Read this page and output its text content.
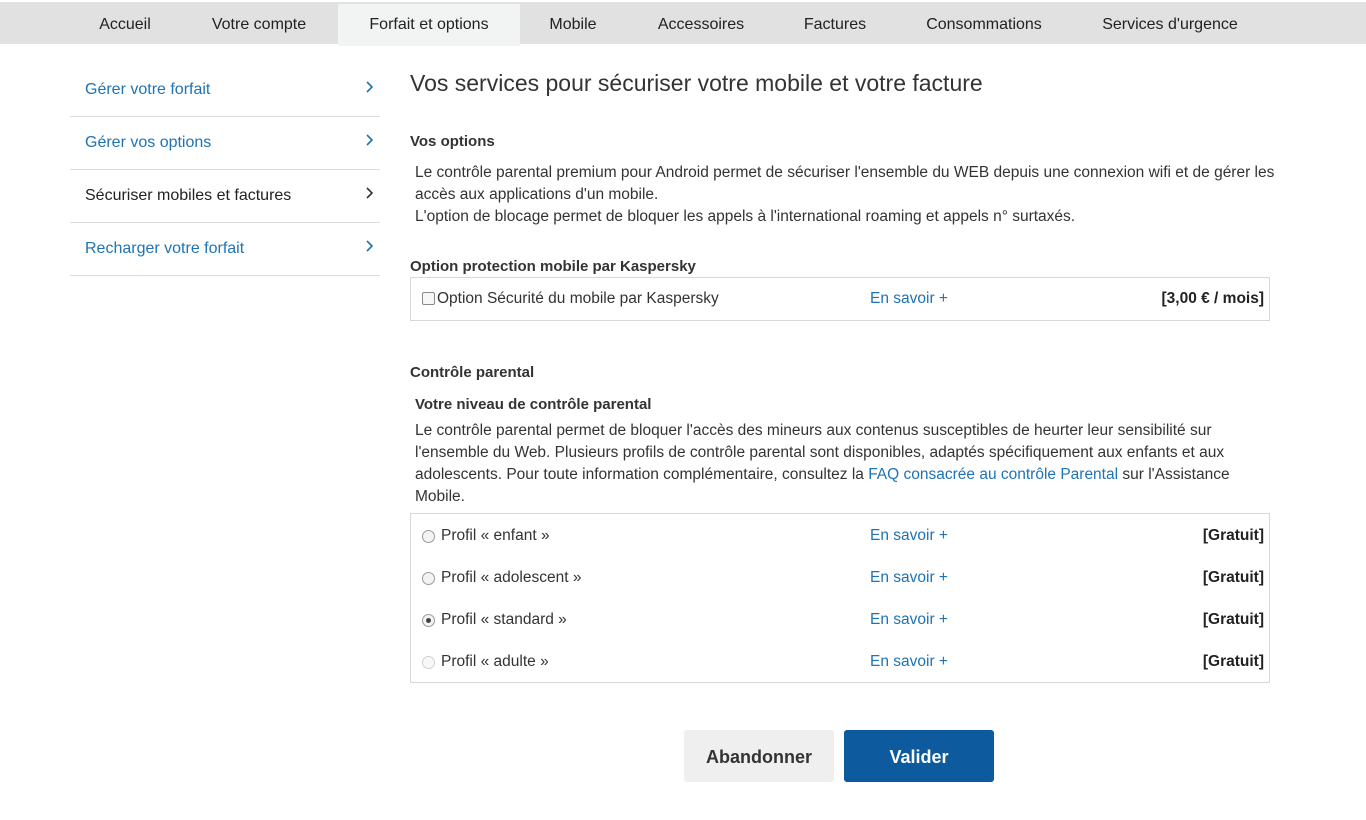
Accueil	Votre compte	Forfait et options	Mobile	Accessoires	Factures	Consommations	Services d'urgence
Gérer votre forfait
Gérer vos options
Sécuriser mobiles et factures
Recharger votre forfait
Vos services pour sécuriser votre mobile et votre facture
Vos options

Le contrôle parental premium pour Android permet de sécuriser l'ensemble du WEB depuis une connexion wifi et de gérer les accès aux applications d'un mobile.

L'option de blocage permet de bloquer les appels à l'international roaming et appels n° surtaxés.

Option protection mobile par Kaspersky
Option Sécurité du mobile par Kaspersky	En savoir +	[3,00 € / mois]
Contrôle parental
Votre niveau de contrôle parental

Le contrôle parental permet de bloquer l'accès des mineurs aux contenus susceptibles de heurter leur sensibilité sur l'ensemble du Web. Plusieurs profils de contrôle parental sont disponibles, adaptés spécifiquement aux enfants et aux adolescents. Pour toute information complémentaire, consultez la FAQ consacrée au contrôle Parental sur l'Assistance Mobile.

Profil « enfant »	En savoir +	[Gratuit]
Profil « adolescent »	En savoir +	[Gratuit]
Profil « standard »	En savoir +	[Gratuit]
Profil « adulte »	En savoir +	[Gratuit]
Abandonner	Valider
